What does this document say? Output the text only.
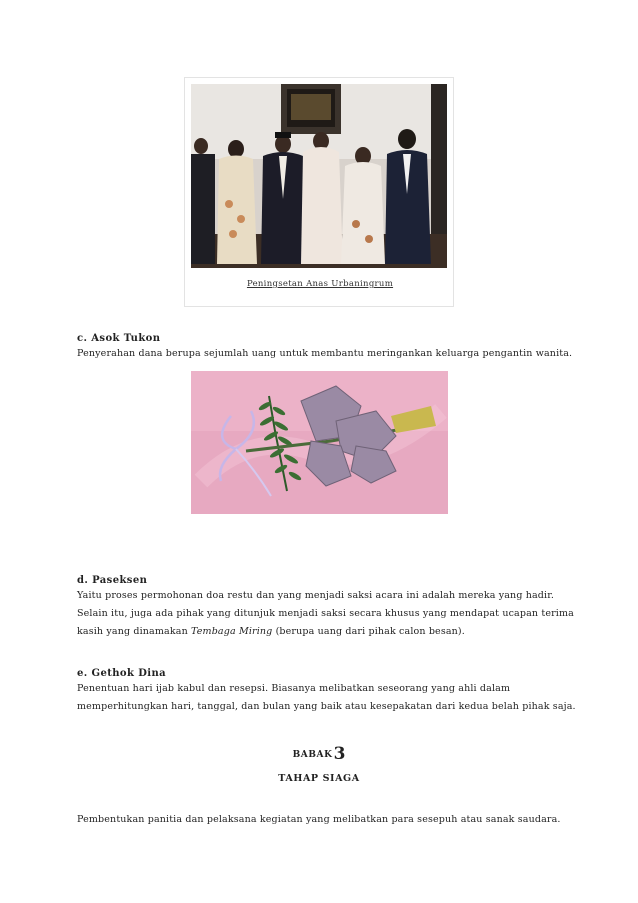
Peningsetan Anas Urbaningrum
c. Asok Tukon
Penyerahan dana berupa sejumlah uang untuk membantu meringankan keluarga pengantin wanita.
d. Paseksen
Yaitu proses permohonan doa restu dan yang menjadi saksi acara ini adalah mereka yang hadir.
Selain itu, juga ada pihak yang ditunjuk menjadi saksi secara khusus yang mendapat ucapan terima
kasih yang dinamakan Tembaga Miring (berupa uang dari pihak calon besan).
e. Gethok Dina
Penentuan hari ijab kabul dan resepsi. Biasanya melibatkan seseorang yang ahli dalam
memperhitungkan hari, tanggal, dan bulan yang baik atau kesepakatan dari kedua belah pihak saja.
BABAK3
TAHAP SIAGA
Pembentukan panitia dan pelaksana kegiatan yang melibatkan para sesepuh atau sanak saudara.
